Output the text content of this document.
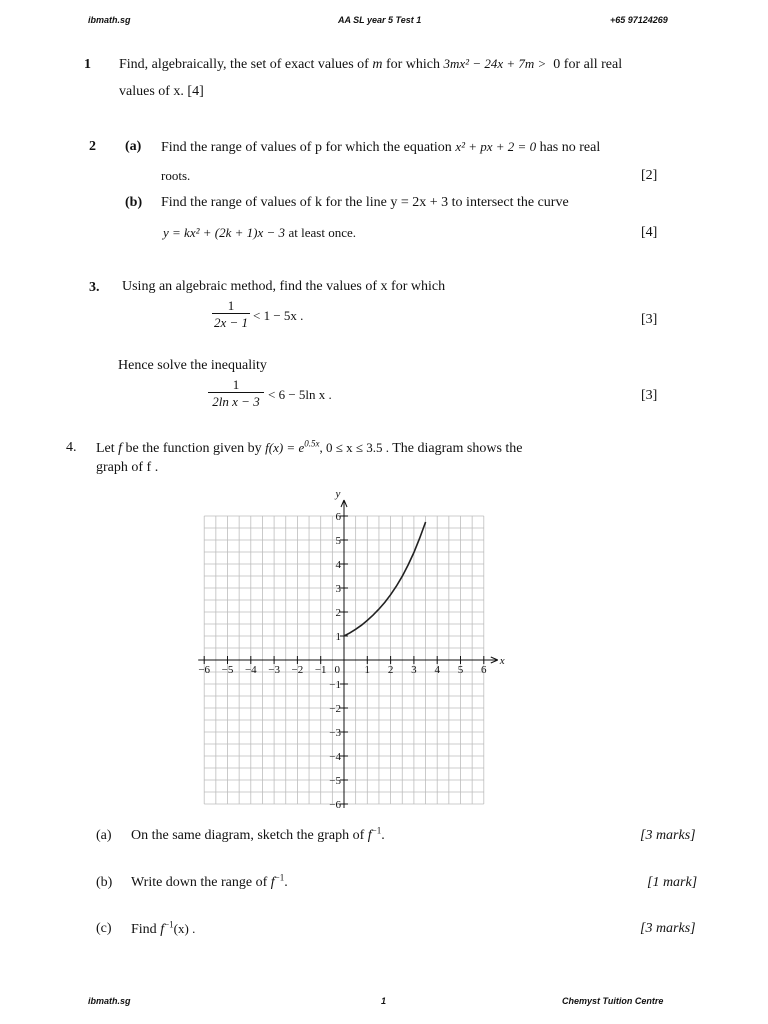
ibmath.sg	AA SL year 5 Test 1	+65 97124269
1 Find, algebraically, the set of exact values of m for which 3mx² − 24x + 7m > 0 for all real
values of x. [4]
2 (a) Find the range of values of p for which the equation x² + px + 2 = 0 has no real
roots.	[2]
(b) Find the range of values of k for the line y = 2x + 3 to intersect the curve
y = kx² + (2k + 1)x − 3 at least once.	[4]
3. Using an algebraic method, find the values of x for which
$\frac{1}{2x - 1} < 1 - 5x$ .	[3]
Hence solve the inequality
$\frac{1}{\text{2ln x − 3}} < 6 - 5\ln$ x .	[3]
4. Let f be the function given by $f(x) = e^{0.5x}$, 0 ≤ x ≤ 3.5 . The diagram shows the
graph of f .
−6 −5 −4 −3 −2 −1	1 2 3 4 5 6
−6
−5
−4
−3
−2
−1
1
2
3
4
5
6
0
x
y
(a) On the same diagram, sketch the graph of $f^{-1}$.	[3 marks]
(b) Write down the range of $f^{-1}$.	[1 mark]
(c) Find $f^{-1}(x)$ .	[3 marks]
ibmath.sg	1	Chemyst Tuition Centre
